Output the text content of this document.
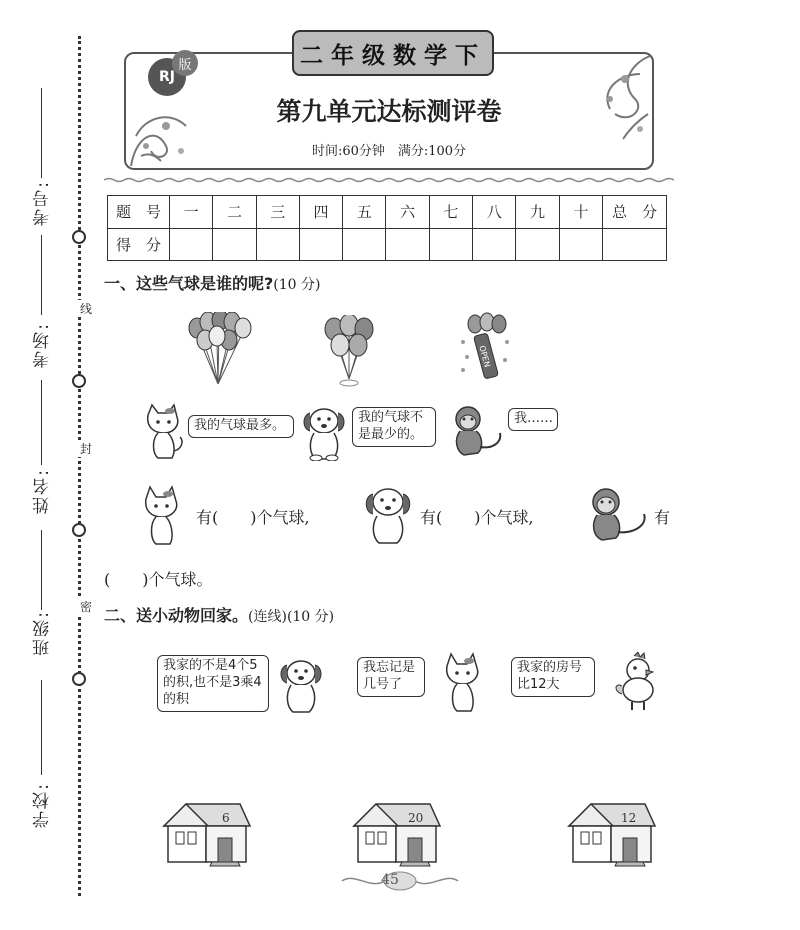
考号:
考场:
姓名:
班级:
学校:
线
封
密
二年级数学下
RJ
版
第九单元达标测评卷
时间:60分钟　满分:100分
题　号	一	二	三	四	五	六	七	八	九	十	总　分
得　分											
一、这些气球是谁的呢?(10 分)
OPEN
我的气球最多。
我的气球不是最少的。
我……
有(　　)个气球,	有(　　)个气球,	有
(　　)个气球。
二、送小动物回家。(连线)(10 分)
我家的不是4个5的积,也不是3乘4的积
我忘记是几号了
我家的房号比12大
6	20	12
45
